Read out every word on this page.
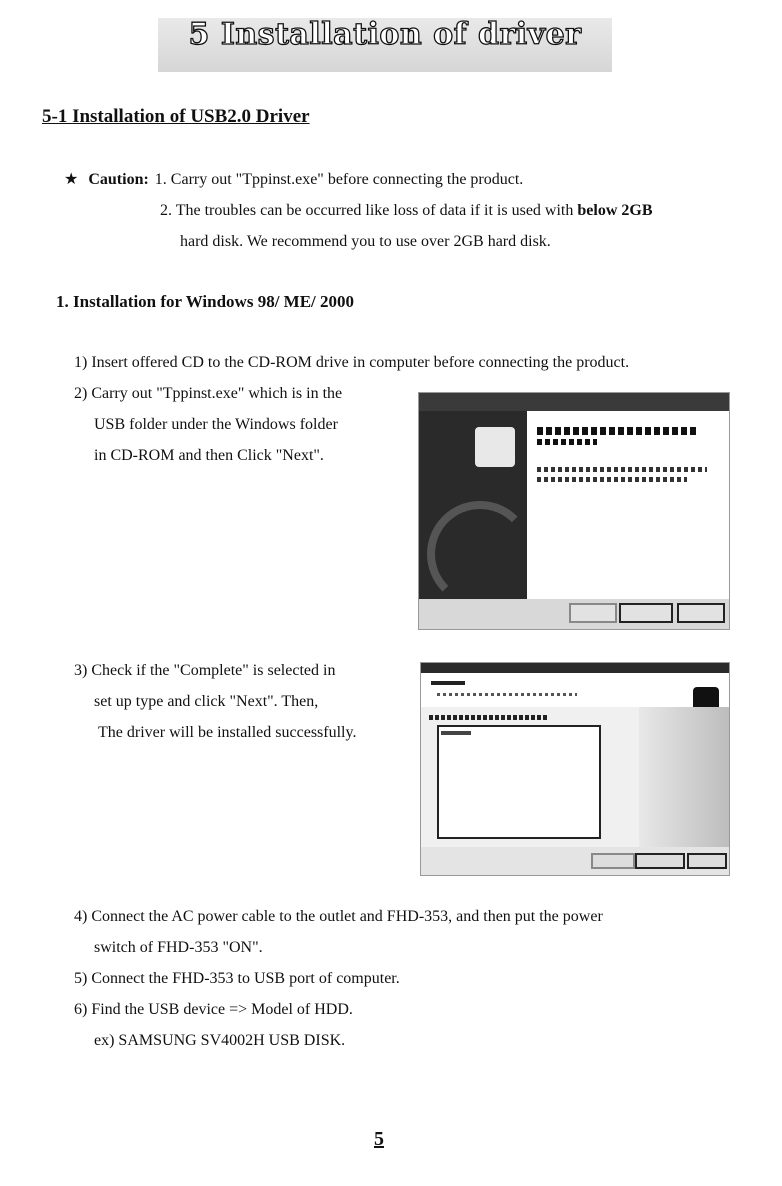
5 Installation of driver
5-1 Installation of USB2.0 Driver
★ Caution: 1. Carry out "Tppinst.exe" before connecting the product.
2. The troubles can be occurred like loss of data if it is used with below 2GB
hard disk. We recommend you to use over 2GB hard disk.
1. Installation for Windows 98/ ME/ 2000
1) Insert offered CD to the CD-ROM drive in computer before connecting the product.
2) Carry out "Tppinst.exe" which is in the
USB folder under the Windows folder
in CD-ROM and then Click "Next".
3) Check if the "Complete" is selected in
set up type and click "Next". Then,
The driver will be installed successfully.
4) Connect the AC power cable to the outlet and FHD-353, and then put the power
switch of FHD-353 "ON".
5) Connect the FHD-353 to USB port of computer.
6) Find the USB device => Model of HDD.
ex) SAMSUNG SV4002H USB DISK.
5
